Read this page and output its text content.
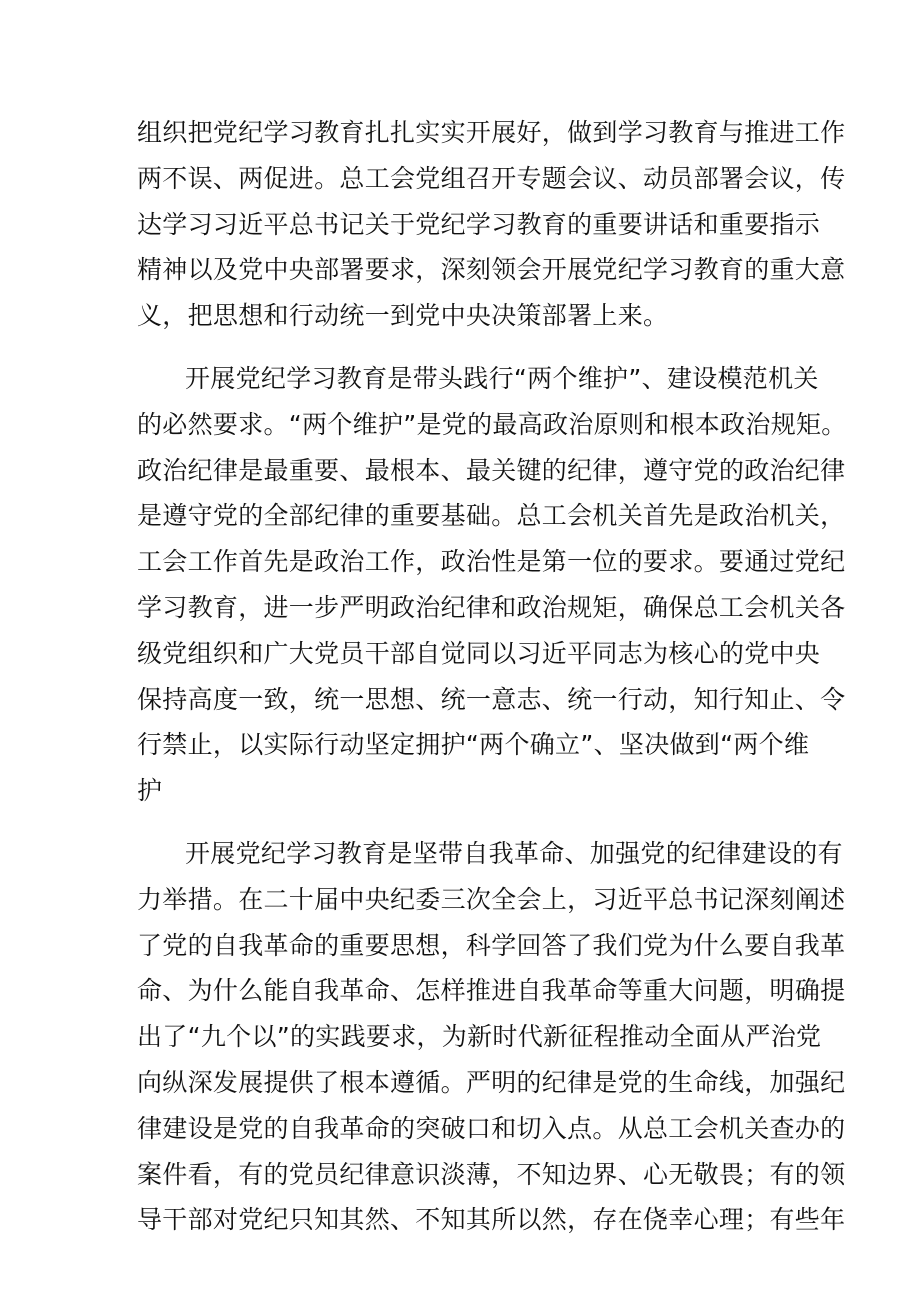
组织把党纪学习教育扎扎实实开展好，做到学习教育与推进工作
两不误、两促进。总工会党组召开专题会议、动员部署会议，传
达学习习近平总书记关于党纪学习教育的重要讲话和重要指示
精神以及党中央部署要求，深刻领会开展党纪学习教育的重大意
义，把思想和行动统一到党中央决策部署上来。
开展党纪学习教育是带头践行“两个维护”、建设模范机关
的必然要求。“两个维护”是党的最高政治原则和根本政治规矩。
政治纪律是最重要、最根本、最关键的纪律，遵守党的政治纪律
是遵守党的全部纪律的重要基础。总工会机关首先是政治机关，
工会工作首先是政治工作，政治性是第一位的要求。要通过党纪
学习教育，进一步严明政治纪律和政治规矩，确保总工会机关各
级党组织和广大党员干部自觉同以习近平同志为核心的党中央
保持高度一致，统一思想、统一意志、统一行动，知行知止、令
行禁止，以实际行动坚定拥护“两个确立”、坚决做到“两个维
护
开展党纪学习教育是坚带自我革命、加强党的纪律建设的有
力举措。在二十届中央纪委三次全会上，习近平总书记深刻阐述
了党的自我革命的重要思想，科学回答了我们党为什么要自我革
命、为什么能自我革命、怎样推进自我革命等重大问题，明确提
出了“九个以”的实践要求，为新时代新征程推动全面从严治党
向纵深发展提供了根本遵循。严明的纪律是党的生命线，加强纪
律建设是党的自我革命的突破口和切入点。从总工会机关查办的
案件看，有的党员纪律意识淡薄，不知边界、心无敬畏；有的领
导干部对党纪只知其然、不知其所以然，存在侥幸心理；有些年
